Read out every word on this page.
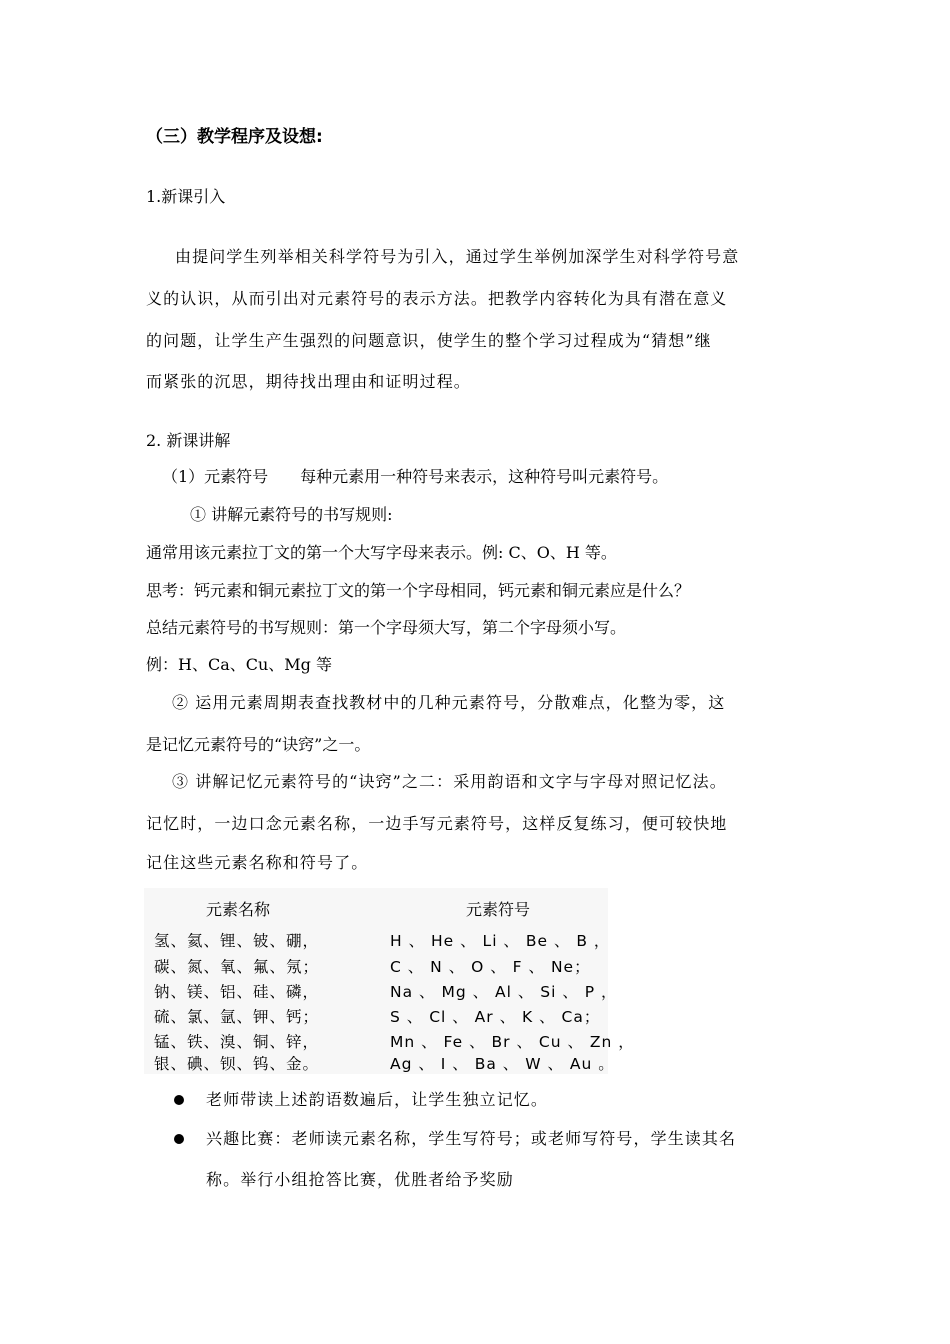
（三）教学程序及设想:
1.新课引入
由提问学生列举相关科学符号为引入，通过学生举例加深学生对科学符号意
义的认识，从而引出对元素符号的表示方法。把教学内容转化为具有潜在意义
的问题，让学生产生强烈的问题意识，使学生的整个学习过程成为“猜想”继
而紧张的沉思，期待找出理由和证明过程。
2. 新课讲解
（1）元素符号　　每种元素用一种符号来表示，这种符号叫元素符号。
① 讲解元素符号的书写规则:
通常用该元素拉丁文的第一个大写字母来表示。例: C、O、H 等。
思考：钙元素和铜元素拉丁文的第一个字母相同，钙元素和铜元素应是什么？
总结元素符号的书写规则：第一个字母须大写，第二个字母须小写。
例：H、Ca、Cu、Mg 等
② 运用元素周期表查找教材中的几种元素符号，分散难点，化整为零，这
是记忆元素符号的“诀窍”之一。
③ 讲解记忆元素符号的“诀窍”之二：采用韵语和文字与字母对照记忆法。
记忆时，一边口念元素名称，一边手写元素符号，这样反复练习，便可较快地
记住这些元素名称和符号了。
元素名称	元素符号
氢、氦、锂、铍、硼，	H 、 He 、 Li 、 Be 、 B ，
碳、氮、氧、氟、氖；	C 、 N 、 O 、 F 、 Ne；
钠、镁、铝、硅、磷，	Na 、 Mg 、 Al 、 Si 、 P ，
硫、氯、氩、钾、钙；	S 、 Cl 、 Ar 、 K 、 Ca；
锰、铁、溴、铜、锌，	Mn 、 Fe 、 Br 、 Cu 、 Zn ，
银、碘、钡、钨、金。	Ag 、 I 、 Ba 、 W 、 Au 。
老师带读上述韵语数遍后，让学生独立记忆。
兴趣比赛：老师读元素名称，学生写符号；或老师写符号，学生读其名
称。举行小组抢答比赛，优胜者给予奖励
